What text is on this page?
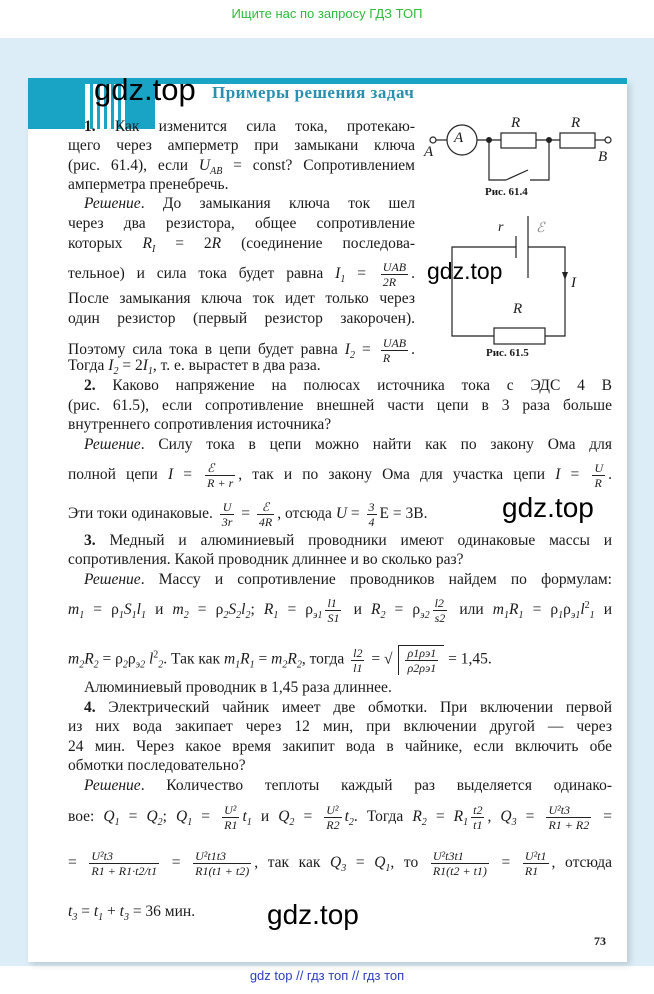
Ищите нас по запросу ГДЗ ТОП
Примеры решения задач
1. Как изменится сила тока, протекаю-
щего через амперметр при замыкани ключа
(рис. 61.4), если $U_{AB}$ = const? Сопротивлением
амперметра пренебречь.
Решение. До замыкания ключа ток шел
через два резистора, общее сопротивление
которых $R_I = 2R$ (соединение последова-
тельное) и сила тока будет равна $I_1 = \frac{\text{UAB}}{2R}$ .
После замыкания ключа ток идет только через
один резистор (первый резистор закорочен).
Поэтому сила тока в цепи будет равна $I_2 = \frac{\text{UAB}}{R}$ .
Тогда $I_2 = 2I_1$, т. е. вырастет в два раза.
2. Каково напряжение на полюсах источника тока с ЭДС 4 В
(рис. 61.5), если сопротивление внешней части цепи в 3 раза больше
внутреннего сопротивления источника?
Решение. Силу тока в цепи можно найти как по закону Ома для
полной цепи $I = \frac{\text{ℰ}}{R + r}$ , так и по закону Ома для участка цепи $I = \frac{U}{R}$ .
Эти токи одинаковые. $\frac{U}{3r} = \frac{\text{ℰ}}{4R}$ , отсюда $U = \frac{3}{4}$ E = 3В.
3. Медный и алюминиевый проводники имеют одинаковые массы и
сопротивления. Какой проводник длиннее и во сколько раз?
Решение. Массу и сопротивление проводников найдем по формулам:
$m_1 = \rho_1S_1l_1$ и $m_2 = \rho_2S_2l_2$; $R_1 = \rho_{э1} \frac{l1}{S1}$ и $R_2 = \rho_{э2} \frac{l2}{s2}$ или $m_1R_1 = \rho_1\rho_{э1}l^2_1$ и
$m_2R_2 = \rho_2\rho_{э2}$ $l^2_2$. Так как $m_1R_1 = m_2R_2$, тогда $\frac{l2}{l1}$ = √ $\frac{\rho 1\rho э1}{\rho 2\rho э1} = 1,45$.
Алюминиевый проводник в 1,45 раза длиннее.
4. Электрический чайник имеет две обмотки. При включении первой
из них вода закипает через 12 мин, при включении другой — через
24 мин. Через какое время закипит вода в чайнике, если включить обе
обмотки последовательно?
Решение. Количество теплоты каждый раз выделяется одинако-
вое: $Q_1 = Q_2$; $Q_1 = \frac{\text{U²}}{R1} t_1$ и $Q_2 = \frac{\text{U²}}{R2} t_2$. Тогда $R_2 = R_1 \frac{t2}{t1}$ , $Q_3 = \frac{\text{U²t3}}{R1 + R2}$ =
= $\frac{\text{U²t3}}{R1 + R1\cdot t2/t1} = \frac{\text{U²t1t3}}{R1(t1 + t2)}$ , так как $Q_3 = Q_1$, то $\frac{\text{U²t3t1}}{R1(t2 + t1)} = \frac{\text{U²t1}}{R1}$ , отсюда
$t_3 = t_1 + t_3 = 36$ мин.
A
R	R
A	B
Рис. 61.4
r ℰ
I
R
Рис. 61.5
gdz.top
gdz.top
gdz.top
gdz.top
73
gdz top // гдз топ // гдз топ
